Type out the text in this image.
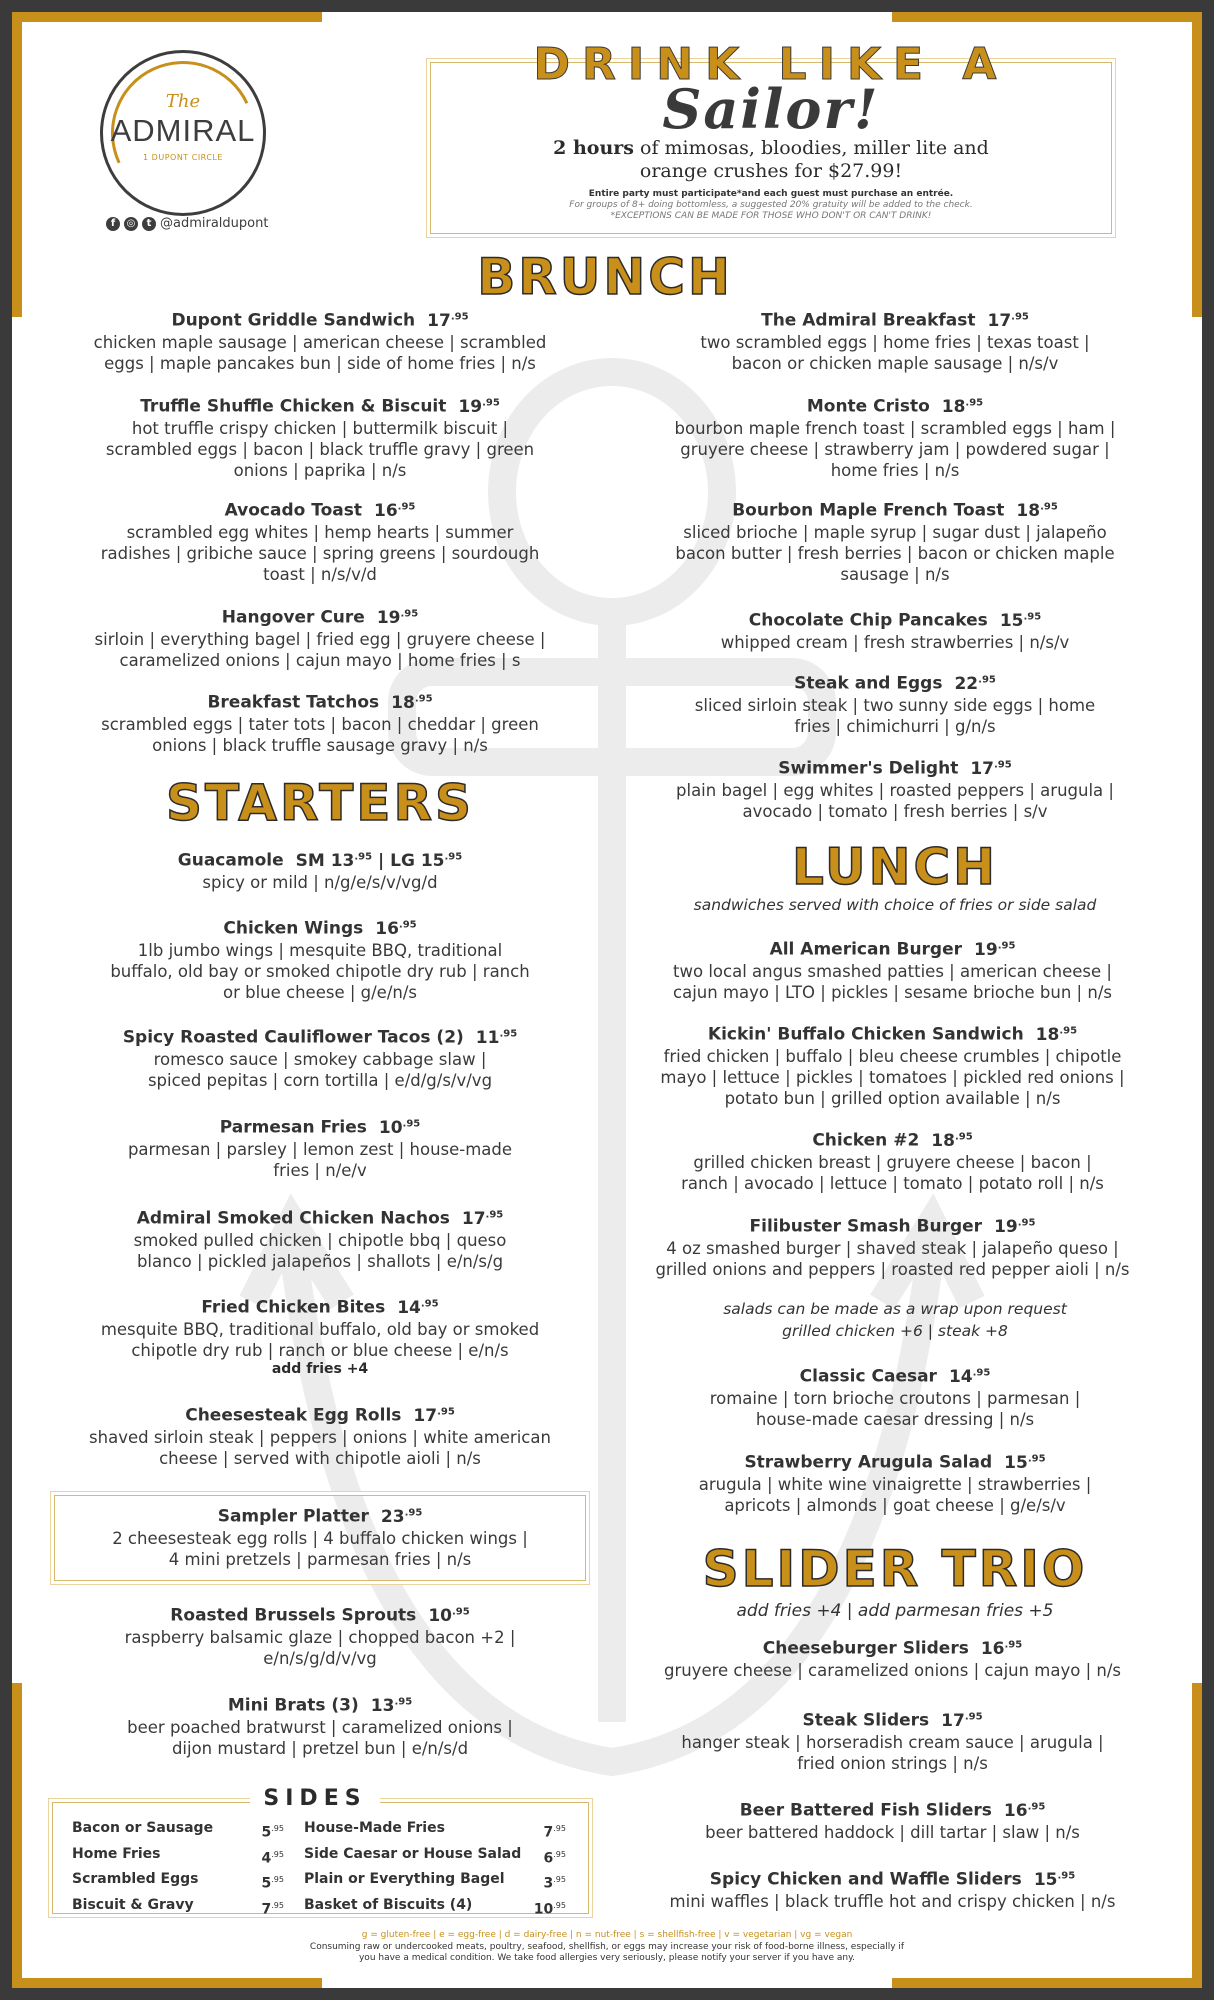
The
ADMIRAL
1 DUPONT CIRCLE
f	◎	t @admiraldupont
DRINK LIKE A
Sailor!
2 hours of mimosas, bloodies, miller lite and
orange crushes for $27.99!
Entire party must participate*and each guest must purchase an entrée.
For groups of 8+ doing bottomless, a suggested 20% gratuity will be added to the check.
*EXCEPTIONS CAN BE MADE FOR THOSE WHO DON'T OR CAN'T DRINK!
BRUNCH
STARTERS
LUNCH
SLIDER TRIO
Dupont Griddle Sandwich $17^{.95}$
chicken maple sausage | american cheese | scrambled
eggs | maple pancakes bun | side of home fries | n/s
Truffle Shuffle Chicken & Biscuit $19^{.95}$
hot truffle crispy chicken | buttermilk biscuit |
scrambled eggs | bacon | black truffle gravy | green
onions | paprika | n/s
Avocado Toast $16^{.95}$
scrambled egg whites | hemp hearts | summer
radishes | gribiche sauce | spring greens | sourdough
toast | n/s/v/d
Hangover Cure $19^{.95}$
sirloin | everything bagel | fried egg | gruyere cheese |
caramelized onions | cajun mayo | home fries | s
Breakfast Tatchos $18^{.95}$
scrambled eggs | tater tots | bacon | cheddar | green
onions | black truffle sausage gravy | n/s
The Admiral Breakfast $17^{.95}$
two scrambled eggs | home fries | texas toast |
bacon or chicken maple sausage | n/s/v
Monte Cristo $18^{.95}$
bourbon maple french toast | scrambled eggs | ham |
gruyere cheese | strawberry jam | powdered sugar |
home fries | n/s
Bourbon Maple French Toast $18^{.95}$
sliced brioche | maple syrup | sugar dust | jalapeño
bacon butter | fresh berries | bacon or chicken maple
sausage | n/s
Chocolate Chip Pancakes $15^{.95}$
whipped cream | fresh strawberries | n/s/v
Steak and Eggs $22^{.95}$
sliced sirloin steak | two sunny side eggs | home
fries | chimichurri | g/n/s
Swimmer's Delight $17^{.95}$
plain bagel | egg whites | roasted peppers | arugula |
avocado | tomato | fresh berries | s/v
Guacamole SM $13^{.95}$ | LG $15^{.95}$
spicy or mild | n/g/e/s/v/vg/d
Chicken Wings $16^{.95}$
1lb jumbo wings | mesquite BBQ, traditional
buffalo, old bay or smoked chipotle dry rub | ranch
or blue cheese | g/e/n/s
Spicy Roasted Cauliflower Tacos (2) $11^{.95}$
romesco sauce | smokey cabbage slaw |
spiced pepitas | corn tortilla | e/d/g/s/v/vg
Parmesan Fries $10^{.95}$
parmesan | parsley | lemon zest | house-made
fries | n/e/v
Admiral Smoked Chicken Nachos $17^{.95}$
smoked pulled chicken | chipotle bbq | queso
blanco | pickled jalapeños | shallots | e/n/s/g
Fried Chicken Bites $14^{.95}$
mesquite BBQ, traditional buffalo, old bay or smoked
chipotle dry rub | ranch or blue cheese | e/n/s
add fries +4
Cheesesteak Egg Rolls $17^{.95}$
shaved sirloin steak | peppers | onions | white american
cheese | served with chipotle aioli | n/s
Sampler Platter $23^{.95}$
2 cheesesteak egg rolls | 4 buffalo chicken wings |
4 mini pretzels | parmesan fries | n/s
Roasted Brussels Sprouts $10^{.95}$
raspberry balsamic glaze | chopped bacon +2 |
e/n/s/g/d/v/vg
Mini Brats (3) $13^{.95}$
beer poached bratwurst | caramelized onions |
dijon mustard | pretzel bun | e/n/s/d
All American Burger $19^{.95}$
two local angus smashed patties | american cheese |
cajun mayo | LTO | pickles | sesame brioche bun | n/s
Kickin' Buffalo Chicken Sandwich $18^{.95}$
fried chicken | buffalo | bleu cheese crumbles | chipotle
mayo | lettuce | pickles | tomatoes | pickled red onions |
potato bun | grilled option available | n/s
Chicken #2 $18^{.95}$
grilled chicken breast | gruyere cheese | bacon |
ranch | avocado | lettuce | tomato | potato roll | n/s
Filibuster Smash Burger $19^{.95}$
4 oz smashed burger | shaved steak | jalapeño queso |
grilled onions and peppers | roasted red pepper aioli | n/s
Classic Caesar $14^{.95}$
romaine | torn brioche croutons | parmesan |
house-made caesar dressing | n/s
Strawberry Arugula Salad $15^{.95}$
arugula | white wine vinaigrette | strawberries |
apricots | almonds | goat cheese | g/e/s/v
Cheeseburger Sliders $16^{.95}$
gruyere cheese | caramelized onions | cajun mayo | n/s
Steak Sliders $17^{.95}$
hanger steak | horseradish cream sauce | arugula |
fried onion strings | n/s
Beer Battered Fish Sliders $16^{.95}$
beer battered haddock | dill tartar | slaw | n/s
Spicy Chicken and Waffle Sliders $15^{.95}$
mini waffles | black truffle hot and crispy chicken | n/s
sandwiches served with choice of fries or side salad
salads can be made as a wrap upon request
grilled chicken +6 | steak +8
add fries +4 | add parmesan fries +5
SIDES
Bacon or Sausage	$5^{.95}$
Home Fries	$4^{.95}$
Scrambled Eggs	$5^{.95}$
Biscuit & Gravy	$7^{.95}$
House-Made Fries	$7^{.95}$
Side Caesar or House Salad $6^{.95}$
Plain or Everything Bagel	$3^{.95}$
Basket of Biscuits (4)	$10^{.95}$
g = gluten-free | e = egg-free | d = dairy-free | n = nut-free | s = shellfish-free | v = vegetarian | vg = vegan
Consuming raw or undercooked meats, poultry, seafood, shellfish, or eggs may increase your risk of food-borne illness, especially if
you have a medical condition. We take food allergies very seriously, please notify your server if you have any.
